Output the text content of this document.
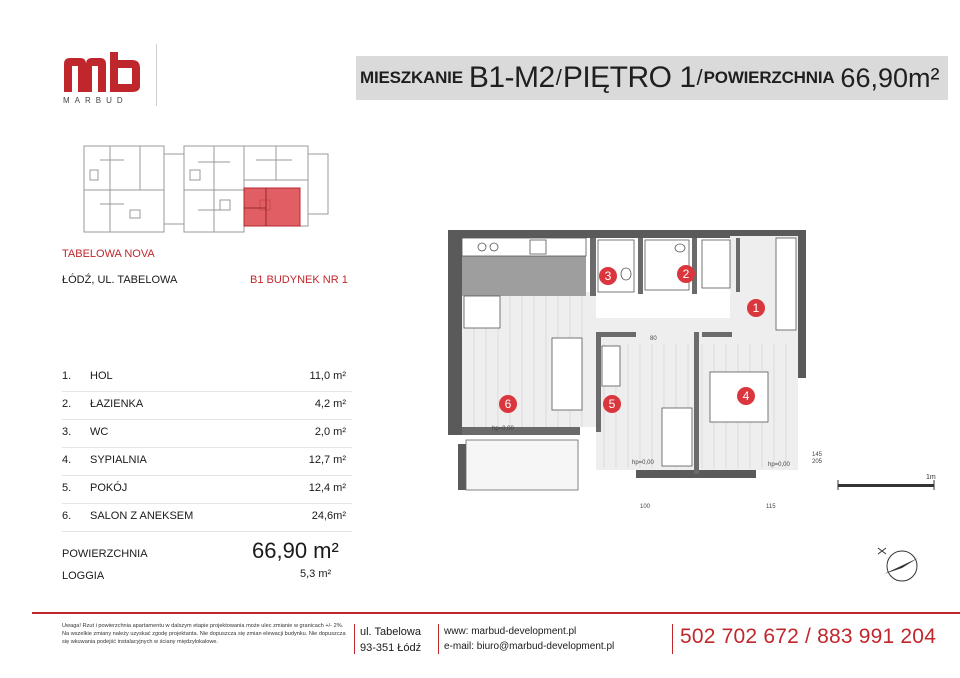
MARBUD
MIESZKANIE B1-M2 / PIĘTRO 1 / POWIERZCHNIA 66,90m²
TABELOWA NOVA
ŁÓDŹ, UL. TABELOWA	B1 BUDYNEK NR 1
1. HOL	11,0 m²
2. ŁAZIENKA	4,2 m²
3. WC	2,0 m²
4. SYPIALNIA	12,7 m²
5. POKÓJ	12,4 m²
6. SALON Z ANEKSEM	24,6m²
POWIERZCHNIA	66,90 m²
LOGGIA	5,3 m²
1m
145
205
80
100	115
hp=0,00
hp=0,00	hp=0,00
1
2
3
4
5
6
Uwaga! Rzut i powierzchnia apartamentu w dalszym etapie projektowania może ulec zmianie w granicach +/- 2%. Na wszelkie zmiany należy uzyskać zgodę projektanta. Nie dopuszcza się zmian elewacji budynku. Nie dopuszcza się wkuwania podejść instalacyjnych w ściany międzylokalowe.
ul. Tabelowa
93-351 Łódź
www: marbud-development.pl
e-mail: biuro@marbud-development.pl	502 702 672 / 883 991 204
